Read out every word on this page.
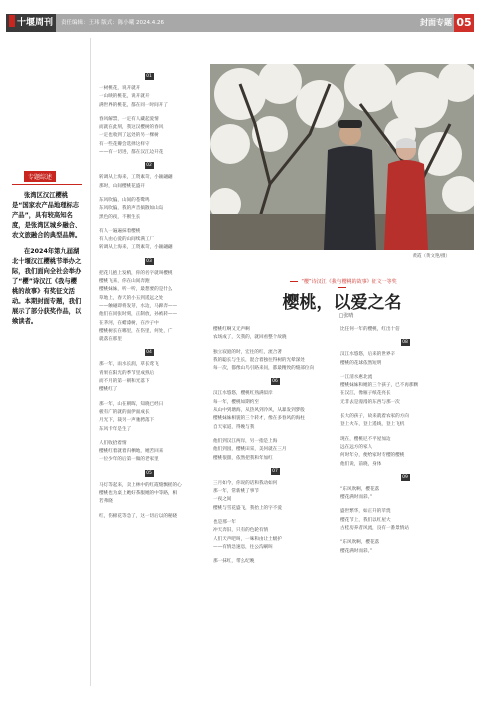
十堰周刊	责任编辑：王玮 版式：陈小曦 2024.4.26	封面专题 05
专题综述

张湾区汉江樱桃是“国家农产品地理标志产品”，具有较高知名度，是张湾区城乡融合、农文旅融合的典型品牌。

在2024年第九届湖北十堰汉江樱桃节举办之际，我们面向全社会举办了“樱”诗汉江《我与樱桃的故事》有奖征文活动。本期封面专题，我们展示了部分获奖作品，以飨读者。

01
一树桃花，说开就开
一山映的桃花，说开就开
满世界的桃花，都在同一时间开了
春风解禁，一定有人藏起爱情
而就在此刻，我这汉樱树的春风
一定也收到了远处的另一棵树
有一些花瓣会选择这样守
——有一切进，都在汉江边开花
02
转调从上海来，工资素苛，小颖翩翩
那时，山间樱桃花盛开
东风吹偏，山间的苍鹭鸣
东风吹偏，我的声音搞散如山岛
黑色的夜，不断生长
有人一遍遍抹着樱桃
有人由心爱的山间续满工厂
转调从上海来，工资素苛，小颖翩翩
03
把花儿抱上发梢，你的名字就叫樱桃
樱桃飞来，你在山间奔跑
樱桃妹妹，听一听，最想要的是什么
草地上，春天的小五到遥远之处
——触碰即将发芽，水边，马蹄奔——
他们在同张时刻，正制放，孙被转——
在茅河，在蜡漆树，在沙子中
樱桃树长在哪里，在伤里，何处，广
就落在那里
04
那一年，雨水长润，草长莺飞
青果在阳光的季节里成熟后
而不月的第一朝和光落下
樱桃红了
那一年，山在朝晖，知晓已经日
板有广的就的面伊面成长
月光下，裁另一声驰骋落下
东风卡年是生了
人们收拾着情
樱桃红着就着归栖地，她苦回来
一位少年的后第一做的老家里
05
马灯等起来，卖上林中的红霞缝飘摇的心
樱桃也为桌上她好茶服她的中等路，相
若弗晓
红，伤棉花等急了，这一切后以的秘晓
樱桃红啊又无声啊
农场成了，欠我的，就回看整个故晓
独立寂庭的时，宏往的红，流合著
我的聪长与生长，混合着独往得树的光晕深处
每一次，都像山鸟引路来问，都最精致的缝部位向
06
汉江水悠悠，樱桃红熟满似岸
每一年，樱桃如期约至
从山中到塘海，从热风到冷风，从暴发到梦般
樱桃妹妹相貌的三个转才，像在多春风的海柱
自天家道，得晚与我
他们到汉江两岸，另一指是上海
他们到园，樱桃田采，美何就在三月
樱桃很甜，依然把我和年加红
07
三月如今，你说的话和我动如何
那一年，常新桃了事节
一夜之间
樱桃与雪花盛飞，我抬上的字不爱
也是那一年
冲天奔旧，只有的色轮有情
人们天声吧叫，一味和由让土级护
——有情急速息，往公沟刷叫
那一抹红，带么纪晚
比任何一年的樱桃，红出十倍
08
汉江水悠悠，后来的世界辛
樱桃的花球依然短明
一江清水惠北流
樱桃妹妹和她的三个孩子，已不再那颗
在汉江，像雁子纸花亮长
无非去是漫漫的东西与那一次
长大的孩子，故来就着农家的方向
登上火车，登上遥线，登上飞机
现在，樱桃尼不平屋加边
远在远方的家人
何时年分，便给家时专樱的樱桃
他们说，前晓，身体
09
“东风吹啊，樱花落
樱花满时而彩。”
盛世繁华，如正升的苹烧
樱花节上，我们以红屋大
古桂房养者风流，良有一番景情站
“东风吹啊，樱花落
樱花满时而彩。”
黄霞（黄文艳/摄）
“樱”诗汉江《我与樱桃的故事》征文一等奖
樱桃，以爱之名
□张晴
